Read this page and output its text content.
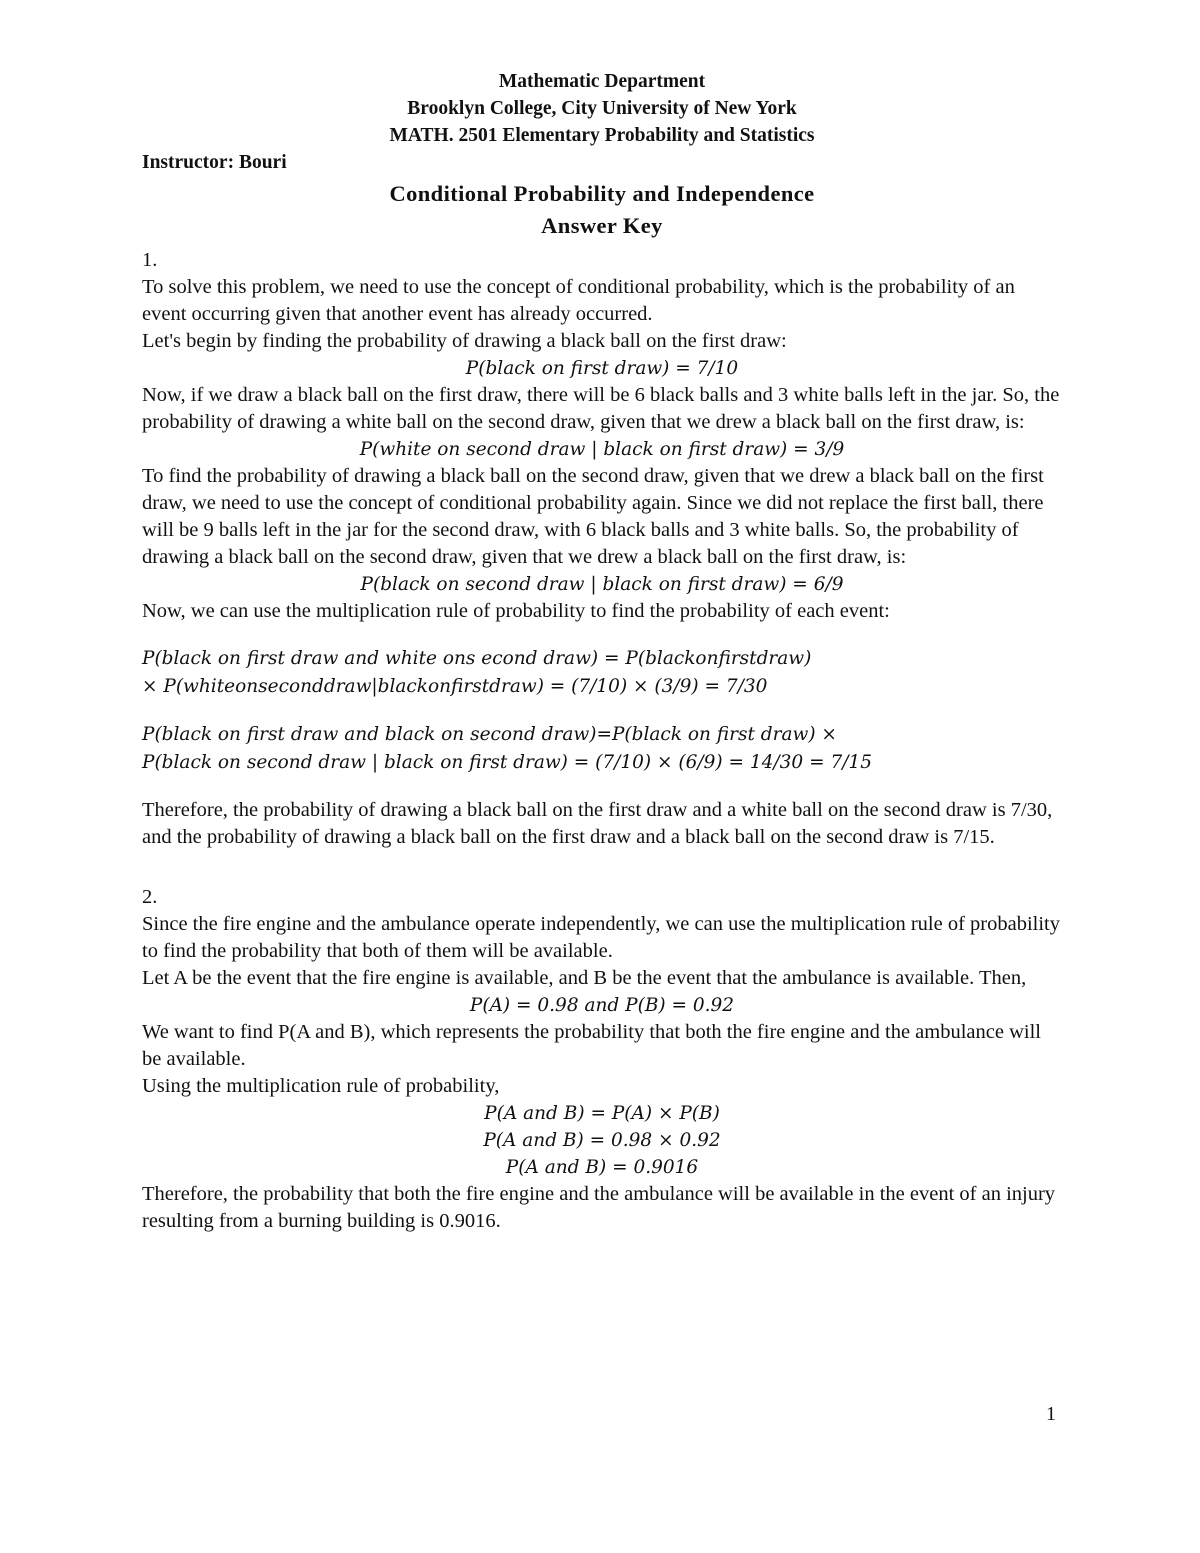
Mathematic Department
Brooklyn College, City University of New York
MATH. 2501 Elementary Probability and Statistics
Instructor: Bouri
Conditional Probability and Independence
Answer Key

1.

To solve this problem, we need to use the concept of conditional probability, which is the probability of an event occurring given that another event has already occurred.

Let's begin by finding the probability of drawing a black ball on the first draw:

P(black on first draw) = 7/10

Now, if we draw a black ball on the first draw, there will be 6 black balls and 3 white balls left in the jar. So, the probability of drawing a white ball on the second draw, given that we drew a black ball on the first draw, is:

P(white on second draw | black on first draw) = 3/9

To find the probability of drawing a black ball on the second draw, given that we drew a black ball on the first draw, we need to use the concept of conditional probability again. Since we did not replace the first ball, there will be 9 balls left in the jar for the second draw, with 6 black balls and 3 white balls. So, the probability of drawing a black ball on the second draw, given that we drew a black ball on the first draw, is:

P(black on second draw | black on first draw) = 6/9

Now, we can use the multiplication rule of probability to find the probability of each event:

P(black on first draw and white ons econd draw) = P(blackonfirstdraw)

× P(whiteonseconddraw|blackonfirstdraw) = (7/10) × (3/9) = 7/30

P(black on first draw and black on second draw)=P(black on first draw) ×

P(black on second draw | black on first draw) = (7/10) × (6/9) = 14/30 = 7/15

Therefore, the probability of drawing a black ball on the first draw and a white ball on the second draw is 7/30, and the probability of drawing a black ball on the first draw and a black ball on the second draw is 7/15.

2.

Since the fire engine and the ambulance operate independently, we can use the multiplication rule of probability to find the probability that both of them will be available.

Let A be the event that the fire engine is available, and B be the event that the ambulance is available. Then,

P(A) = 0.98 and P(B) = 0.92

We want to find P(A and B), which represents the probability that both the fire engine and the ambulance will be available.

Using the multiplication rule of probability,

P(A and B) = P(A) × P(B)

P(A and B) = 0.98 × 0.92

P(A and B) = 0.9016

Therefore, the probability that both the fire engine and the ambulance will be available in the event of an injury resulting from a burning building is 0.9016.

1
